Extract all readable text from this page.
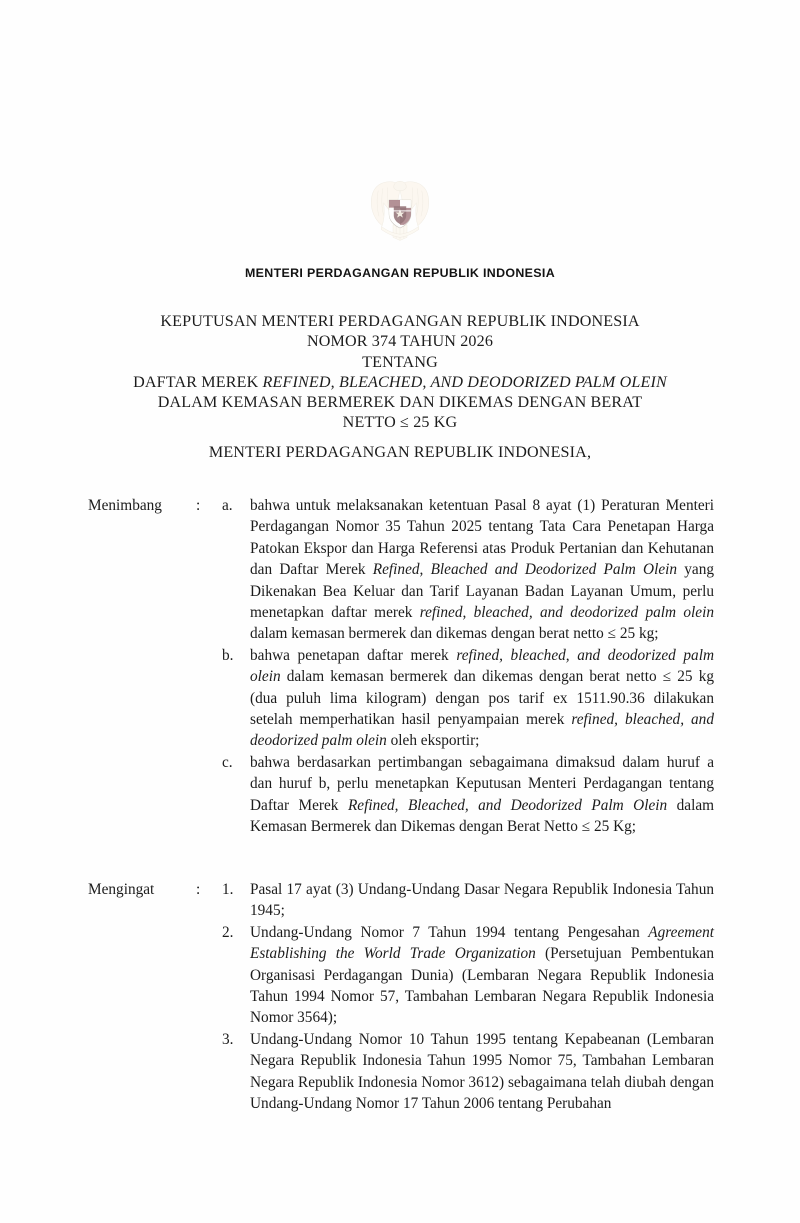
MENTERI PERDAGANGAN REPUBLIK INDONESIA
KEPUTUSAN MENTERI PERDAGANGAN REPUBLIK INDONESIA
NOMOR 374 TAHUN 2026
TENTANG
DAFTAR MEREK REFINED, BLEACHED, AND DEODORIZED PALM OLEIN
DALAM KEMASAN BERMEREK DAN DIKEMAS DENGAN BERAT
NETTO ≤ 25 KG
MENTERI PERDAGANGAN REPUBLIK INDONESIA,
Menimbang	:	a.	bahwa untuk melaksanakan ketentuan Pasal 8 ayat (1) Peraturan Menteri Perdagangan Nomor 35 Tahun 2025 tentang Tata Cara Penetapan Harga Patokan Ekspor dan Harga Referensi atas Produk Pertanian dan Kehutanan dan Daftar Merek Refined, Bleached and Deodorized Palm Olein yang Dikenakan Bea Keluar dan Tarif Layanan Badan Layanan Umum, perlu menetapkan daftar merek refined, bleached, and deodorized palm olein dalam kemasan bermerek dan dikemas dengan berat netto ≤ 25 kg;
b.	bahwa penetapan daftar merek refined, bleached, and deodorized palm olein dalam kemasan bermerek dan dikemas dengan berat netto ≤ 25 kg (dua puluh lima kilogram) dengan pos tarif ex 1511.90.36 dilakukan setelah memperhatikan hasil penyampaian merek refined, bleached, and deodorized palm olein oleh eksportir;
c.	bahwa berdasarkan pertimbangan sebagaimana dimaksud dalam huruf a dan huruf b, perlu menetapkan Keputusan Menteri Perdagangan tentang Daftar Merek Refined, Bleached, and Deodorized Palm Olein dalam Kemasan Bermerek dan Dikemas dengan Berat Netto ≤ 25 Kg;
Mengingat	:	1.	Pasal 17 ayat (3) Undang-Undang Dasar Negara Republik Indonesia Tahun 1945;
2.	Undang-Undang Nomor 7 Tahun 1994 tentang Pengesahan Agreement Establishing the World Trade Organization (Persetujuan Pembentukan Organisasi Perdagangan Dunia) (Lembaran Negara Republik Indonesia Tahun 1994 Nomor 57, Tambahan Lembaran Negara Republik Indonesia Nomor 3564);
3.	Undang-Undang Nomor 10 Tahun 1995 tentang Kepabeanan (Lembaran Negara Republik Indonesia Tahun 1995 Nomor 75, Tambahan Lembaran Negara Republik Indonesia Nomor 3612) sebagaimana telah diubah dengan Undang-Undang Nomor 17 Tahun 2006 tentang Perubahan
